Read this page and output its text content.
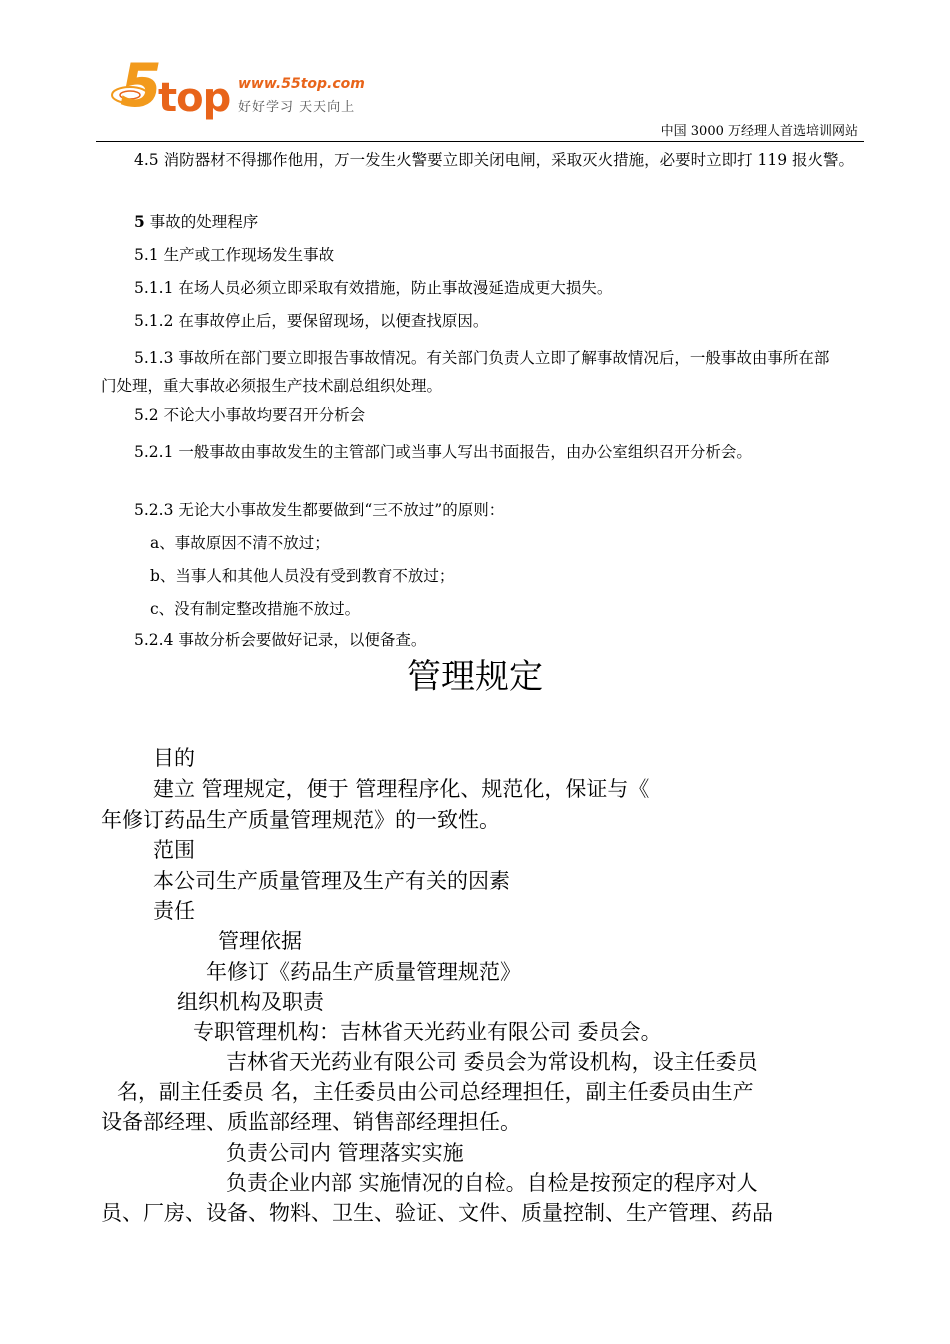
5
top www.55top.com
好好学习 天天向上
中国 3000 万经理人首选培训网站
4.5 消防器材不得挪作他用，万一发生火警要立即关闭电闸，采取灭火措施，必要时立即打 119 报火警。
5 事故的处理程序
5.1 生产或工作现场发生事故
5.1.1 在场人员必须立即采取有效措施，防止事故漫延造成更大损失。
5.1.2 在事故停止后，要保留现场，以便查找原因。
5.1.3 事故所在部门要立即报告事故情况。有关部门负责人立即了解事故情况后，一般事故由事所在部门处理，重大事故必须报生产技术副总组织处理。
5.2 不论大小事故均要召开分析会
5.2.1 一般事故由事故发生的主管部门或当事人写出书面报告，由办公室组织召开分析会。
5.2.3 无论大小事故发生都要做到“三不放过”的原则：
a、事故原因不清不放过；
b、当事人和其他人员没有受到教育不放过；
c、没有制定整改措施不放过。
5.2.4 事故分析会要做好记录，以便备查。
管理规定
目的
建立 管理规定，便于 管理程序化、规范化，保证与《
年修订药品生产质量管理规范》的一致性。
范围
本公司生产质量管理及生产有关的因素
责任
管理依据
年修订《药品生产质量管理规范》
组织机构及职责
专职管理机构：吉林省天光药业有限公司 委员会。
吉林省天光药业有限公司 委员会为常设机构，设主任委员
名，副主任委员 名，主任委员由公司总经理担任，副主任委员由生产
设备部经理、质监部经理、销售部经理担任。
负责公司内 管理落实实施
负责企业内部 实施情况的自检。自检是按预定的程序对人
员、厂房、设备、物料、卫生、验证、文件、质量控制、生产管理、药品
